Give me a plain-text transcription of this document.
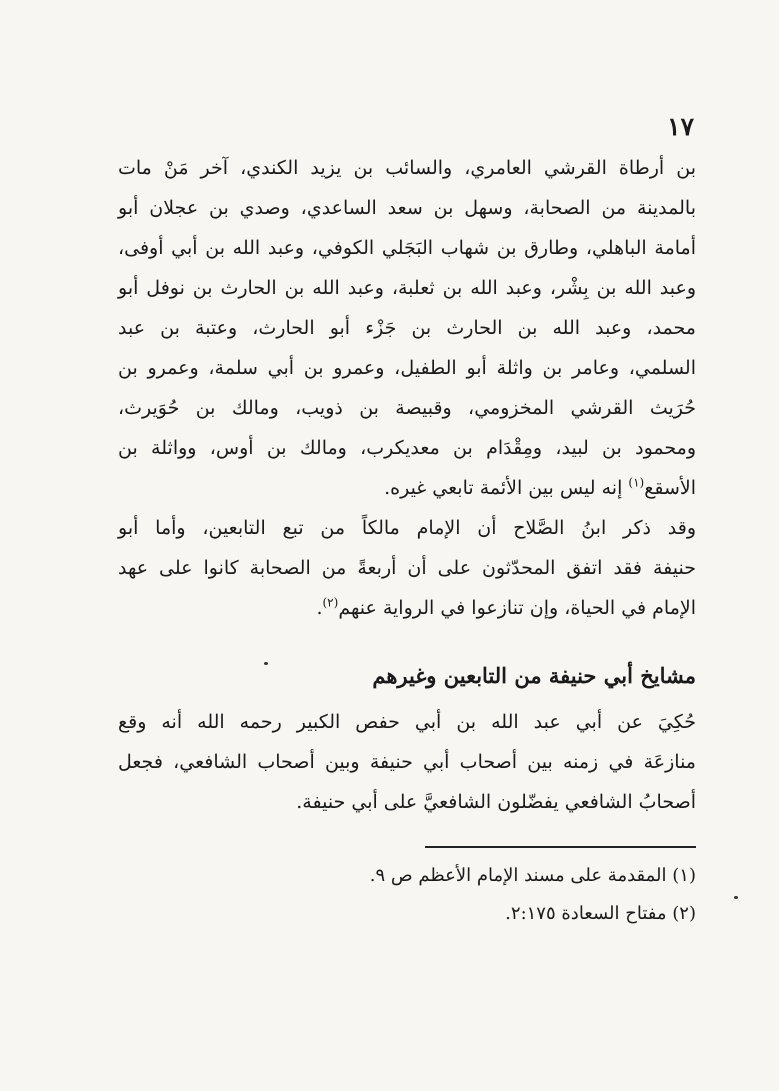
١٧

بن أرطاة القرشي العامري، والسائب بن يزيد الكندي، آخر مَنْ مات

بالمدينة من الصحابة، وسهل بن سعد الساعدي، وصدي بن عجلان أبو

أمامة الباهلي، وطارق بن شهاب البَجَلي الكوفي، وعبد الله بن أبي أوفى،

وعبد الله بن بِشْر، وعبد الله بن ثعلبة، وعبد الله بن الحارث بن نوفل أبو

محمد، وعبد الله بن الحارث بن جَزْء أبو الحارث، وعتبة بن عبد

السلمي، وعامر بن واثلة أبو الطفيل، وعمرو بن أبي سلمة، وعمرو بن

حُرَيث القرشي المخزومي، وقبيصة بن ذويب، ومالك بن حُوَيرث،

ومحمود بن لبيد، ومِقْدَام بن معديكرب، ومالك بن أوس، وواثلة بن

الأسقع$^{(١)}$ إنه ليس بين الأئمة تابعي غيره.

وقد ذكر ابنُ الصَّلاح أن الإمام مالكاً من تبع التابعين، وأما أبو

حنيفة فقد اتفق المحدّثون على أن أربعةً من الصحابة كانوا على عهد

الإمام في الحياة، وإن تنازعوا في الرواية عنهم$^{(٢)}$.

مشايخ أبي حنيفة من التابعين وغيرهم

حُكِيَ عن أبي عبد الله بن أبي حفص الكبير رحمه الله أنه وقع

منازعَة في زمنه بين أصحاب أبي حنيفة وبين أصحاب الشافعي، فجعل

أصحابُ الشافعي يفضّلون الشافعيَّ على أبي حنيفة.

(١) المقدمة على مسند الإمام الأعظم ص ٩.

(٢) مفتاح السعادة ٢:١٧٥.
